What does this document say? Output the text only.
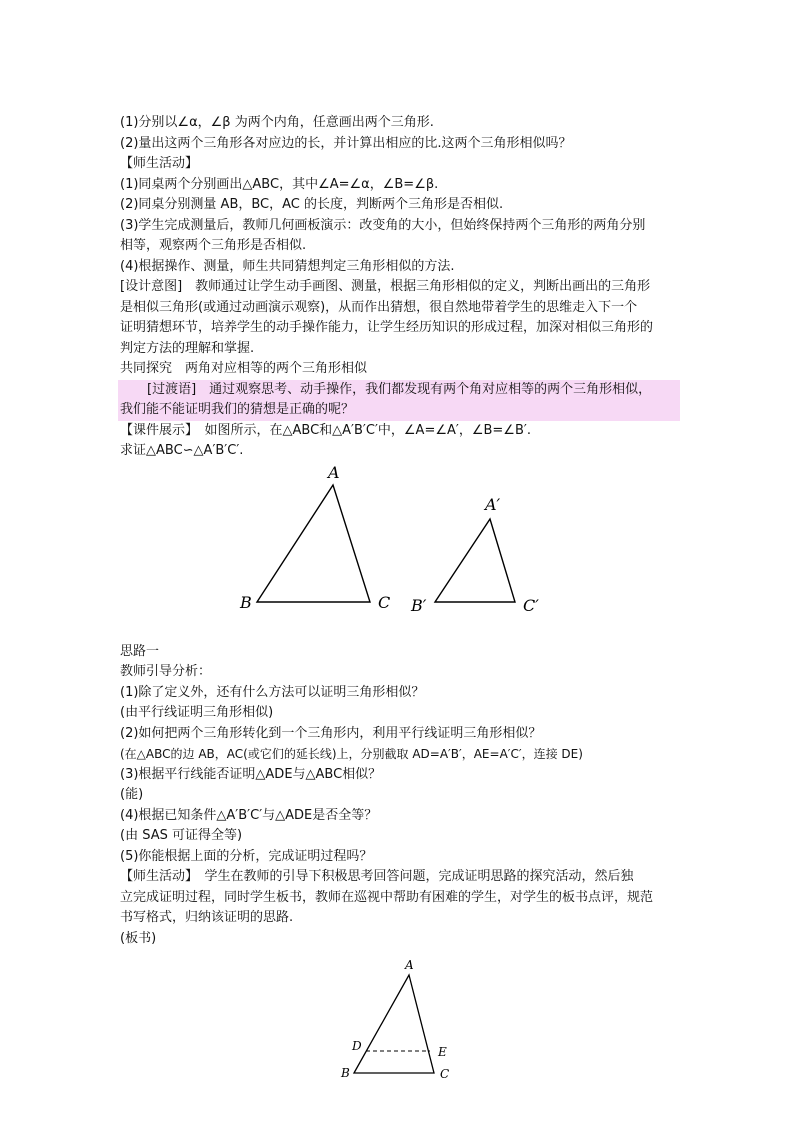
(1)分别以∠α，∠β 为两个内角，任意画出两个三角形.
(2)量出这两个三角形各对应边的长，并计算出相应的比.这两个三角形相似吗？
【师生活动】
(1)同桌两个分别画出△ABC，其中∠A=∠α，∠B=∠β.
(2)同桌分别测量 AB，BC，AC 的长度，判断两个三角形是否相似.
(3)学生完成测量后，教师几何画板演示：改变角的大小，但始终保持两个三角形的两角分别
相等，观察两个三角形是否相似.
(4)根据操作、测量，师生共同猜想判定三角形相似的方法.
[设计意图]　教师通过让学生动手画图、测量，根据三角形相似的定义，判断出画出的三角形
是相似三角形(或通过动画演示观察)，从而作出猜想，很自然地带着学生的思维走入下一个
证明猜想环节，培养学生的动手操作能力，让学生经历知识的形成过程，加深对相似三角形的
判定方法的理解和掌握.
共同探究　两角对应相等的两个三角形相似
[过渡语]　通过观察思考、动手操作，我们都发现有两个角对应相等的两个三角形相似，
我们能不能证明我们的猜想是正确的呢？
【课件展示】　如图所示，在△ABC和△A′B′C′中，∠A=∠A′，∠B=∠B′.
求证△ABC∽△A′B′C′.
A
B	C
A′
B′	C′
思路一
教师引导分析：
(1)除了定义外，还有什么方法可以证明三角形相似？
(由平行线证明三角形相似)
(2)如何把两个三角形转化到一个三角形内，利用平行线证明三角形相似？
(在△ABC的边 AB，AC(或它们的延长线)上，分别截取 AD=A′B′，AE=A′C′，连接 DE)
(3)根据平行线能否证明△ADE与△ABC相似？
(能)
(4)根据已知条件△A′B′C′与△ADE是否全等？
(由 SAS 可证得全等)
(5)你能根据上面的分析，完成证明过程吗？
【师生活动】　学生在教师的引导下积极思考回答问题，完成证明思路的探究活动，然后独
立完成证明过程，同时学生板书，教师在巡视中帮助有困难的学生，对学生的板书点评，规范
书写格式，归纳该证明的思路.
(板书)
A
B	C
D	E
